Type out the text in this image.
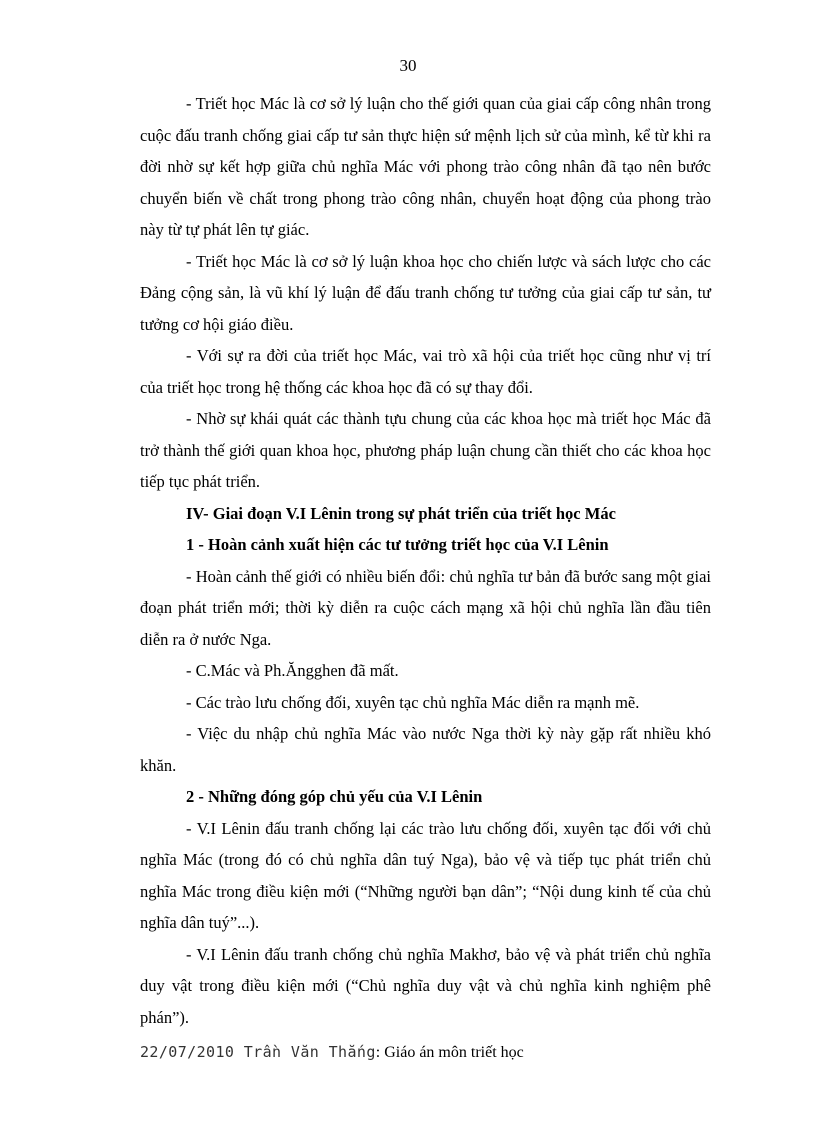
30

- Triết học Mác là cơ sở lý luận cho thế giới quan của giai cấp công nhân trong cuộc đấu tranh chống giai cấp tư sản thực hiện sứ mệnh lịch sử của mình, kể từ khi ra đời nhờ sự kết hợp giữa chủ nghĩa Mác với phong trào công nhân đã tạo nên bước chuyển biến về chất trong phong trào công nhân, chuyển hoạt động của phong trào này từ tự phát lên tự giác.

- Triết học Mác là cơ sở lý luận khoa học cho chiến lược và sách lược cho các Đảng cộng sản, là vũ khí lý luận để đấu tranh chống tư tưởng của giai cấp tư sản, tư tưởng cơ hội giáo điều.

- Với sự ra đời của triết học Mác, vai trò xã hội của triết học cũng như vị trí của triết học trong hệ thống các khoa học đã có sự thay đổi.

- Nhờ sự khái quát các thành tựu chung của các khoa học mà triết học Mác đã trở thành thế giới quan khoa học, phương pháp luận chung cần thiết cho các khoa học tiếp tục phát triển.

IV- Giai đoạn V.I Lênin trong sự phát triển của triết học Mác

1 - Hoàn cảnh xuất hiện các tư tưởng triết học của V.I Lênin

- Hoàn cảnh thế giới có nhiều biến đổi: chủ nghĩa tư bản đã bước sang một giai đoạn phát triển mới; thời kỳ diễn ra cuộc cách mạng xã hội chủ nghĩa lần đầu tiên diễn ra ở nước Nga.

- C.Mác và Ph.Ăngghen đã mất.

- Các trào lưu chống đối, xuyên tạc chủ nghĩa Mác diễn ra mạnh mẽ.

- Việc du nhập chủ nghĩa Mác vào nước Nga thời kỳ này gặp rất nhiều khó khăn.

2 - Những đóng góp chủ yếu của V.I Lênin

- V.I Lênin đấu tranh chống lại các trào lưu chống đối, xuyên tạc đối với chủ nghĩa Mác (trong đó có chủ nghĩa dân tuý Nga), bảo vệ và tiếp tục phát triển chủ nghĩa Mác trong điều kiện mới (“Những người bạn dân”; “Nội dung kinh tế của chủ nghĩa dân tuý”...).

- V.I Lênin đấu tranh chống chủ nghĩa Makhơ, bảo vệ và phát triển chủ nghĩa duy vật trong điều kiện mới (“Chủ nghĩa duy vật và chủ nghĩa kinh nghiệm phê phán”).

22/07/2010 Trần Văn Thắng: Giáo án môn triết học
